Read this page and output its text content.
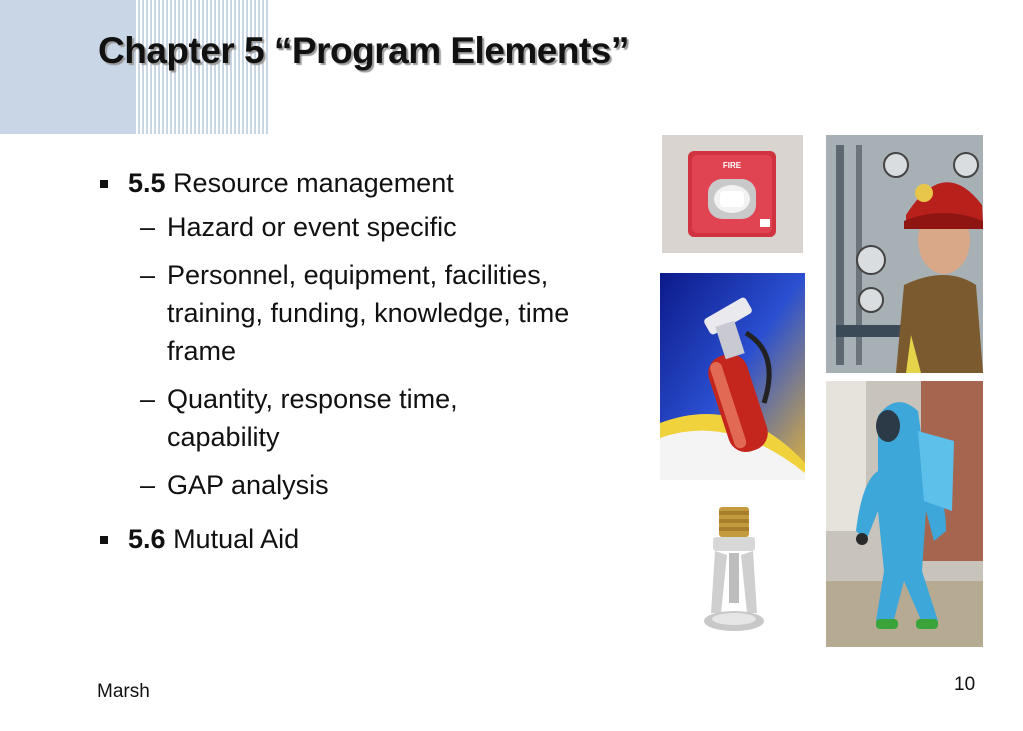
Chapter 5 “Program Elements”
5.5 Resource management
– Hazard or event specific
– Personnel, equipment, facilities, training, funding, knowledge, time frame
– Quantity, response time, capability
– GAP analysis
5.6 Mutual Aid
FIRE
Marsh	10
